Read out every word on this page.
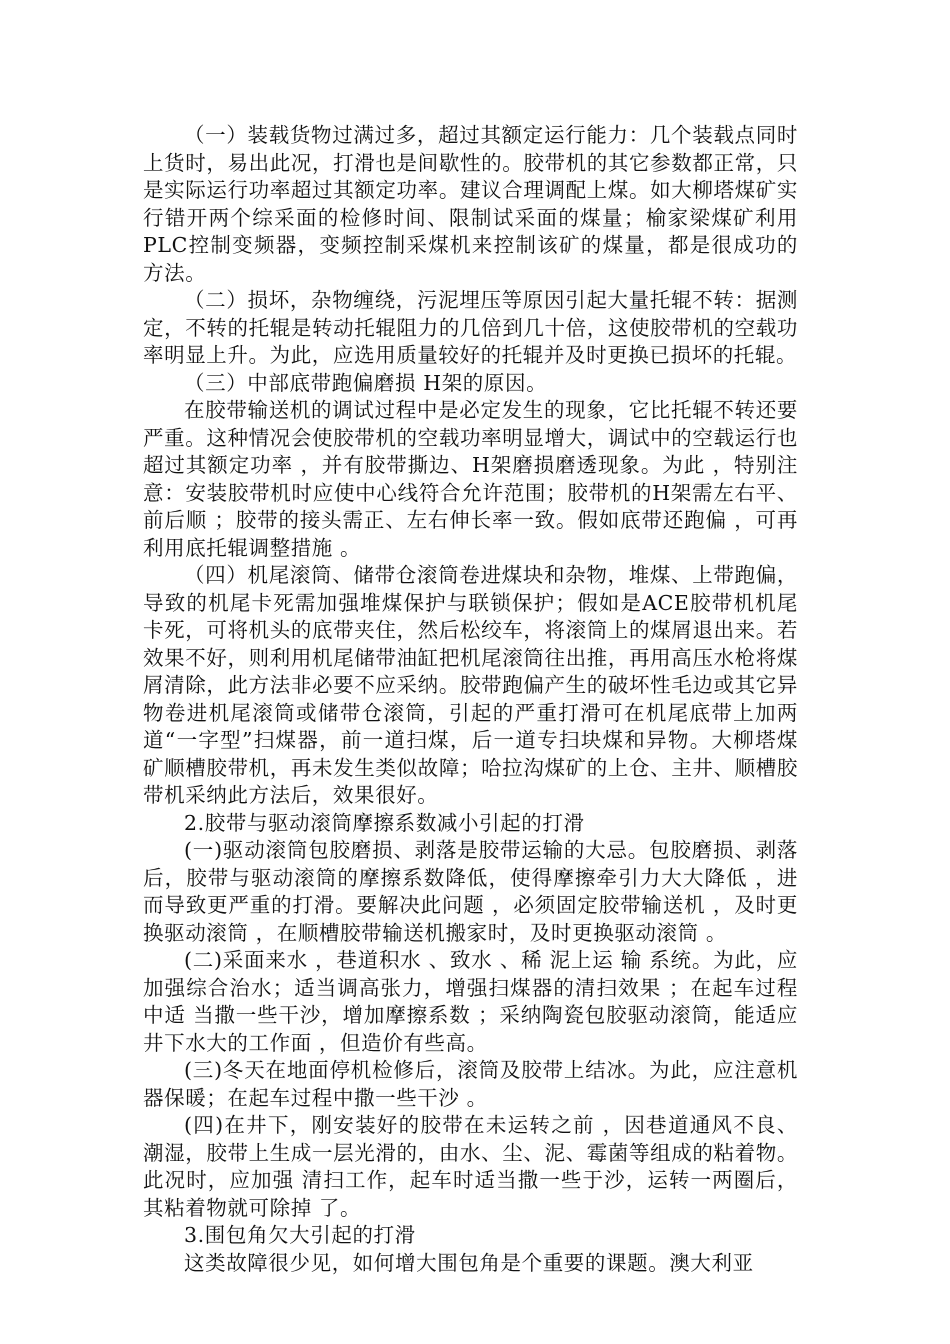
（一）装载货物过满过多，超过其额定运行能力：几个装载点同时上货时，易出此况，打滑也是间歇性的。胶带机的其它参数都正常，只是实际运行功率超过其额定功率。建议合理调配上煤。如大柳塔煤矿实行错开两个综采面的检修时间、限制试采面的煤量；榆家梁煤矿利用PLC控制变频器，变频控制采煤机来控制该矿的煤量，都是很成功的方法。

（二）损坏，杂物缠绕，污泥埋压等原因引起大量托辊不转：据测定，不转的托辊是转动托辊阻力的几倍到几十倍，这使胶带机的空载功率明显上升。为此，应选用质量较好的托辊并及时更换已损坏的托辊。

（三）中部底带跑偏磨损 H架的原因。

在胶带输送机的调试过程中是必定发生的现象，它比托辊不转还要严重。这种情况会使胶带机的空载功率明显增大，调试中的空载运行也超过其额定功率 ，并有胶带撕边、H架磨损磨透现象。为此 ，特别注意：安装胶带机时应使中心线符合允许范围；胶带机的H架需左右平、前后顺 ；胶带的接头需正、左右伸长率一致。假如底带还跑偏 ，可再利用底托辊调整措施 。

（四）机尾滚筒、储带仓滚筒卷进煤块和杂物，堆煤、上带跑偏，导致的机尾卡死需加强堆煤保护与联锁保护；假如是ACE胶带机机尾卡死，可将机头的底带夹住，然后松绞车，将滚筒上的煤屑退出来。若效果不好，则利用机尾储带油缸把机尾滚筒往出推，再用高压水枪将煤屑清除，此方法非必要不应采纳。胶带跑偏产生的破坏性毛边或其它异物卷进机尾滚筒或储带仓滚筒，引起的严重打滑可在机尾底带上加两道“一字型”扫煤器，前一道扫煤，后一道专扫块煤和异物。大柳塔煤矿顺槽胶带机，再未发生类似故障；哈拉沟煤矿的上仓、主井、顺槽胶带机采纳此方法后，效果很好。

2.胶带与驱动滚筒摩擦系数减小引起的打滑

(一)驱动滚筒包胶磨损、剥落是胶带运输的大忌。包胶磨损、剥落后，胶带与驱动滚筒的摩擦系数降低，使得摩擦牵引力大大降低 ，进而导致更严重的打滑。要解决此问题 ，必须固定胶带输送机 ，及时更换驱动滚筒 ，在顺槽胶带输送机搬家时，及时更换驱动滚筒 。

(二)采面来水 ，巷道积水 、致水 、稀 泥上运 输 系统。为此，应加强综合治水；适当调高张力，增强扫煤器的清扫效果 ；在起车过程中适 当撒一些干沙，增加摩擦系数 ；采纳陶瓷包胶驱动滚筒，能适应井下水大的工作面 ，但造价有些高。

(三)冬天在地面停机检修后，滚筒及胶带上结冰。为此，应注意机器保暖；在起车过程中撒一些干沙 。

(四)在井下，刚安装好的胶带在未运转之前 ，因巷道通风不良、潮湿，胶带上生成一层光滑的，由水、尘、泥、霉菌等组成的粘着物。此况时，应加强 清扫工作，起车时适当撒一些于沙，运转一两圈后，其粘着物就可除掉 了。

3.围包角欠大引起的打滑

这类故障很少见，如何增大围包角是个重要的课题。澳大利亚
